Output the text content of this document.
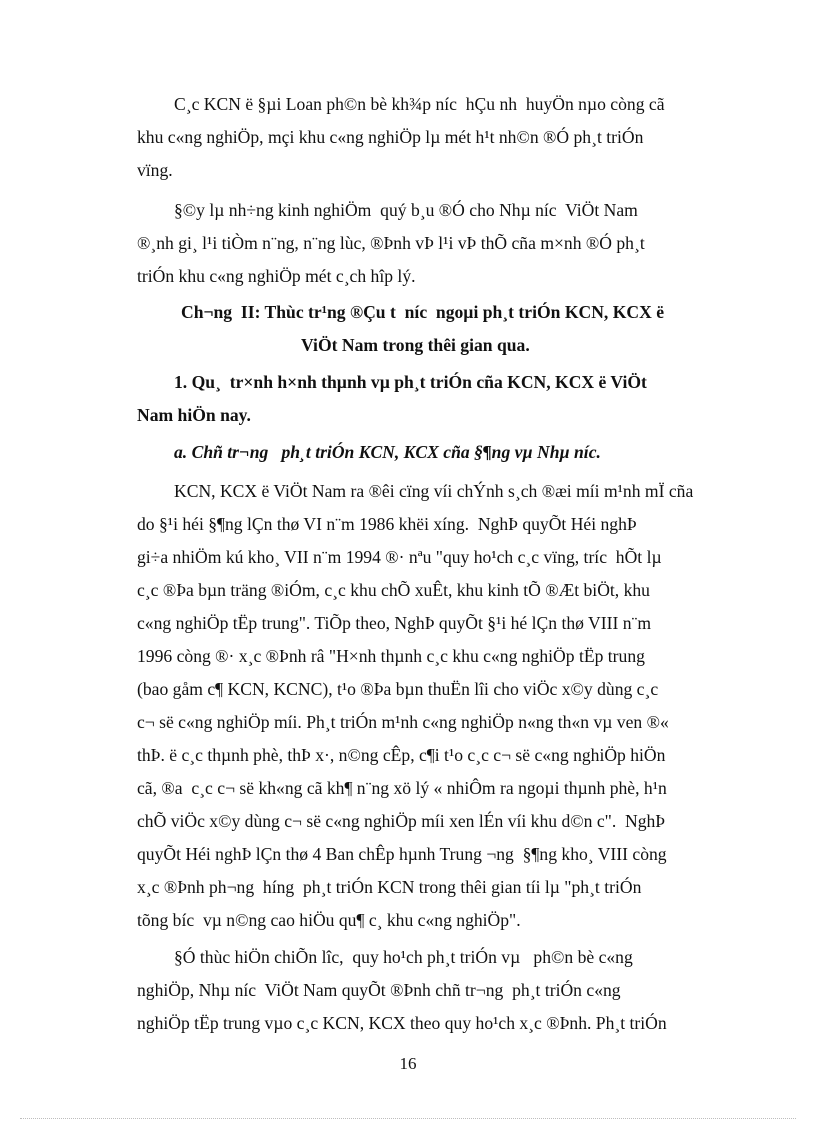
C¸c KCN ë §µi Loan ph©n bè kh¾p níc  hÇu nh  huyÖn nµo còng cã
khu c«ng nghiÖp, mçi khu c«ng nghiÖp lµ mét h¹t nh©n ®Ó ph¸t triÓn
vïng.
§©y lµ nh÷ng kinh nghiÖm  quý b¸u ®Ó cho Nhµ níc  ViÖt Nam
®¸nh gi¸ l¹i tiÒm n¨ng, n¨ng lùc, ®Þnh vÞ l¹i vÞ thÕ cña m×nh ®Ó ph¸t
triÓn khu c«ng nghiÖp mét c¸ch hîp lý.
Ch¬ng  II: Thùc tr¹ng ®Çu t  níc  ngoµi ph¸t triÓn KCN, KCX ë
ViÖt Nam trong thêi gian qua.
1. Qu¸  tr×nh h×nh thµnh vµ ph¸t triÓn cña KCN, KCX ë ViÖt
Nam hiÖn nay.
a. Chñ tr¬ng   ph¸t triÓn KCN, KCX cña §¶ng vµ Nhµ níc.
KCN, KCX ë ViÖt Nam ra ®êi cïng víi chÝnh s¸ch ®æi míi m¹nh mÏ cña
do §¹i héi §¶ng lÇn thø VI n¨m 1986 khëi xíng.  NghÞ quyÕt Héi nghÞ
gi÷a nhiÖm kú kho¸ VII n¨m 1994 ®· nªu "quy ho¹ch c¸c vïng, tríc  hÕt lµ
c¸c ®Þa bµn träng ®iÓm, c¸c khu chÕ xuÊt, khu kinh tÕ ®Æt biÖt, khu
c«ng nghiÖp tËp trung". TiÕp theo, NghÞ quyÕt §¹i hé lÇn thø VIII n¨m
1996 còng ®· x¸c ®Þnh râ "H×nh thµnh c¸c khu c«ng nghiÖp tËp trung
(bao gåm c¶ KCN, KCNC), t¹o ®Þa bµn thuËn lîi cho viÖc x©y dùng c¸c
c¬ së c«ng nghiÖp míi. Ph¸t triÓn m¹nh c«ng nghiÖp n«ng th«n vµ ven ®«
thÞ. ë c¸c thµnh phè, thÞ x·, n©ng cÊp, c¶i t¹o c¸c c¬ së c«ng nghiÖp hiÖn
cã, ®a  c¸c c¬ së kh«ng cã kh¶ n¨ng xö lý « nhiÔm ra ngoµi thµnh phè, h¹n
chÕ viÖc x©y dùng c¬ së c«ng nghiÖp míi xen lÉn víi khu d©n c".  NghÞ
quyÕt Héi nghÞ lÇn thø 4 Ban chÊp hµnh Trung ¬ng  §¶ng kho¸ VIII còng
x¸c ®Þnh ph¬ng  híng  ph¸t triÓn KCN trong thêi gian tíi lµ "ph¸t triÓn
tõng bíc  vµ n©ng cao hiÖu qu¶ c¸ khu c«ng nghiÖp".
§Ó thùc hiÖn chiÕn lîc,  quy ho¹ch ph¸t triÓn vµ   ph©n bè c«ng
nghiÖp, Nhµ níc  ViÖt Nam quyÕt ®Þnh chñ tr¬ng  ph¸t triÓn c«ng
nghiÖp tËp trung vµo c¸c KCN, KCX theo quy ho¹ch x¸c ®Þnh. Ph¸t triÓn
16
